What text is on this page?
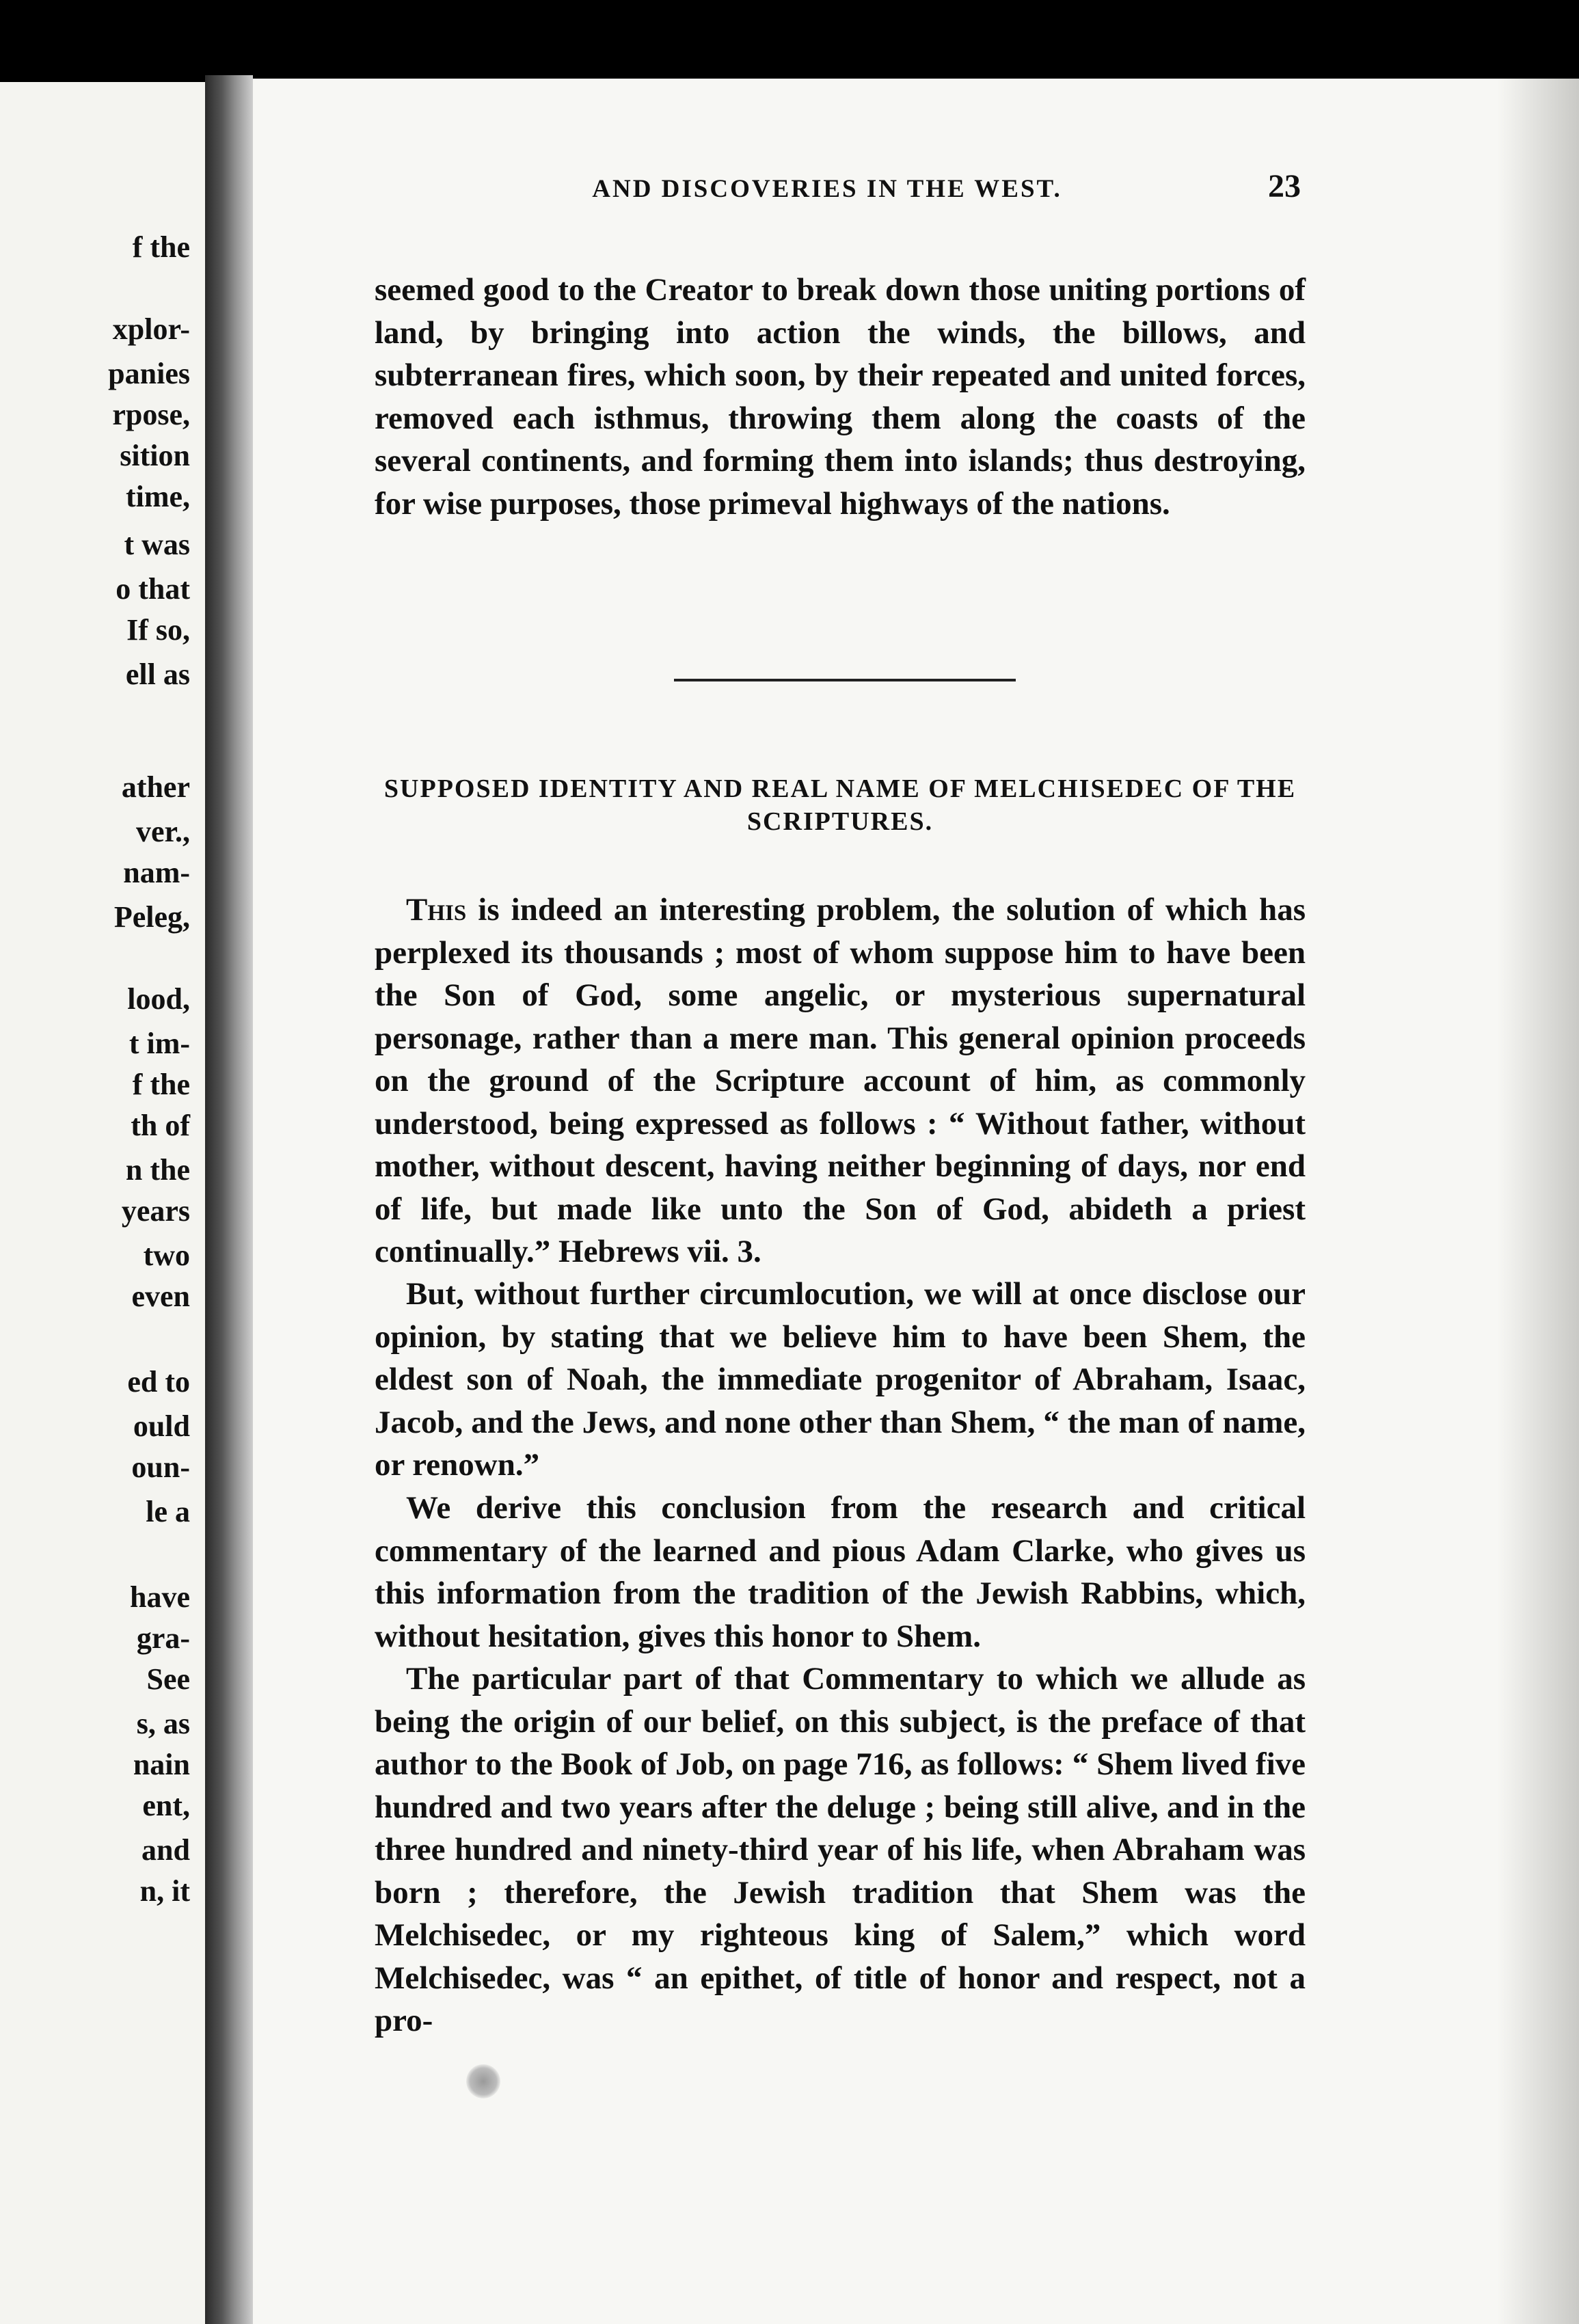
f the
xplor-
panies
rpose,
sition
time,
t was
o that
If so,
ell as
ather
ver.,
nam-
Peleg,
lood,
t im-
f the
th of
n the
years
two
even
ed to
ould
oun-
le a
have
gra-
See
s, as
nain
ent,
and
n, it
AND DISCOVERIES IN THE WEST.	23

seemed good to the Creator to break down those uniting portions of land, by bringing into action the winds, the billows, and subterranean fires, which soon, by their repeated and united forces, removed each isthmus, throwing them along the coasts of the several continents, and forming them into islands; thus destroying, for wise purposes, those primeval highways of the nations.

SUPPOSED IDENTITY AND REAL NAME OF MELCHISEDEC OF THE SCRIPTURES.

This is indeed an interesting problem, the solution of which has perplexed its thousands ; most of whom suppose him to have been the Son of God, some angelic, or mysterious supernatural personage, rather than a mere man. This general opinion proceeds on the ground of the Scripture account of him, as commonly understood, being expressed as follows : “ Without father, without mother, without descent, having neither beginning of days, nor end of life, but made like unto the Son of God, abideth a priest continually.” Hebrews vii. 3.

But, without further circumlocution, we will at once disclose our opinion, by stating that we believe him to have been Shem, the eldest son of Noah, the immediate progenitor of Abraham, Isaac, Jacob, and the Jews, and none other than Shem, “ the man of name, or renown.”

We derive this conclusion from the research and critical commentary of the learned and pious Adam Clarke, who gives us this information from the tradition of the Jewish Rabbins, which, without hesitation, gives this honor to Shem.

The particular part of that Commentary to which we allude as being the origin of our belief, on this subject, is the preface of that author to the Book of Job, on page 716, as follows: “ Shem lived five hundred and two years after the deluge ; being still alive, and in the three hundred and ninety-third year of his life, when Abraham was born ; therefore, the Jewish tradition that Shem was the Melchisedec, or my righteous king of Salem,” which word Melchisedec, was “ an epithet, of title of honor and respect, not a pro-
